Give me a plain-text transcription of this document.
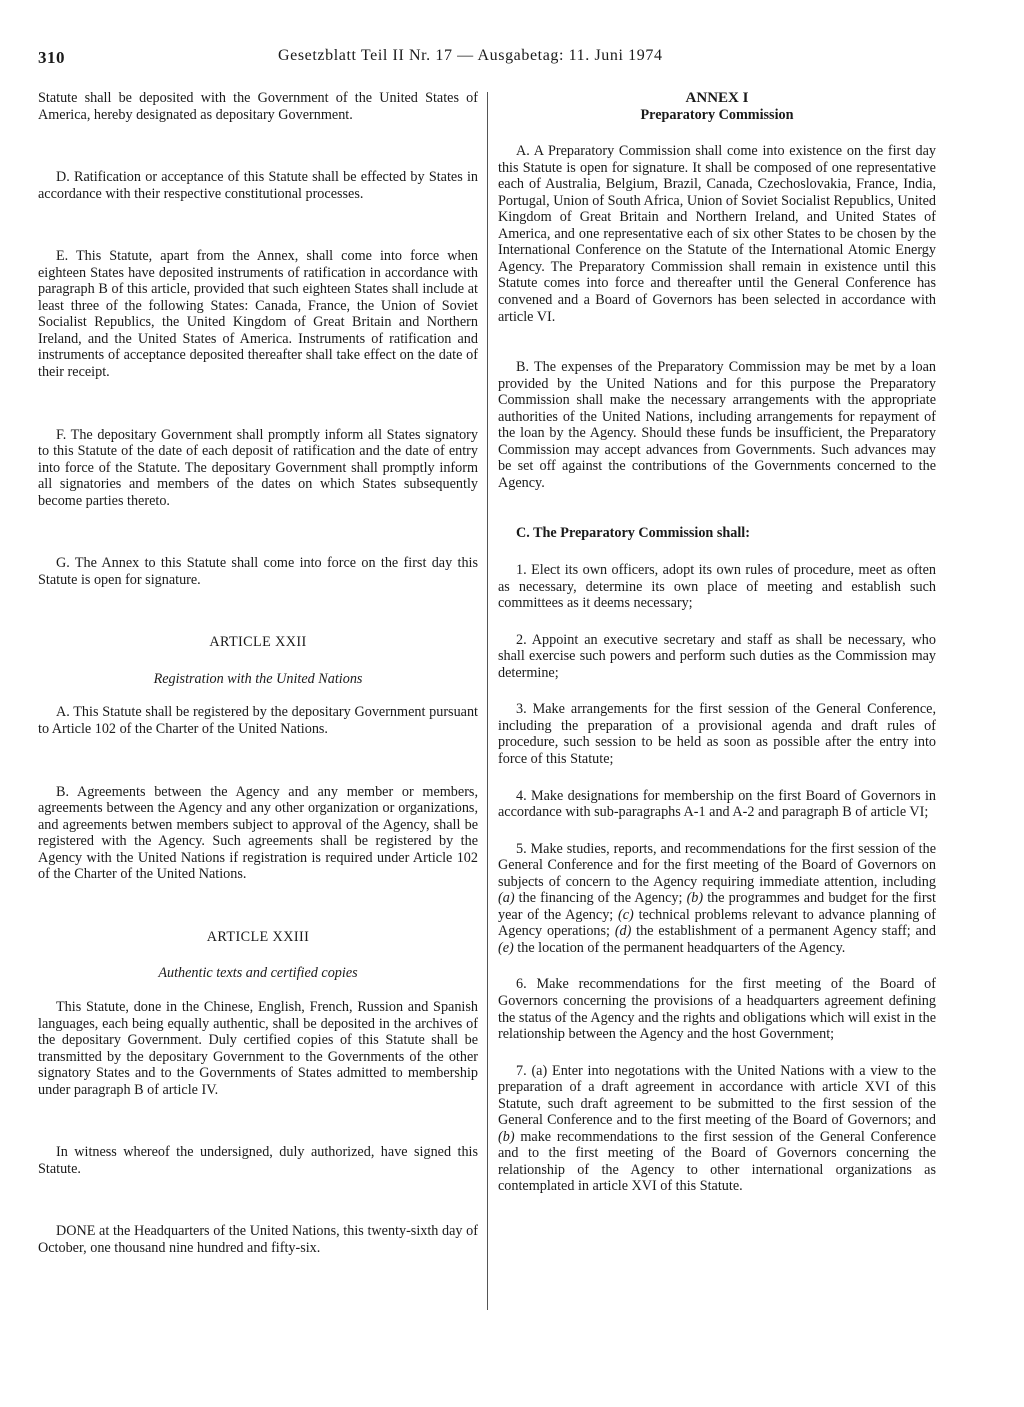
310	Gesetzblatt Teil II Nr. 17 — Ausgabetag: 11. Juni 1974

Statute shall be deposited with the Government of the United States of America, hereby designated as depositary Government.

D. Ratification or acceptance of this Statute shall be effected by States in accordance with their respective constitutional processes.

E. This Statute, apart from the Annex, shall come into force when eighteen States have deposited instruments of ratification in accordance with paragraph B of this article, provided that such eighteen States shall include at least three of the following States: Canada, France, the Union of Soviet Socialist Republics, the United Kingdom of Great Britain and Northern Ireland, and the United States of America. Instruments of ratification and instruments of acceptance deposited thereafter shall take effect on the date of their receipt.

F. The depositary Government shall promptly inform all States signatory to this Statute of the date of each deposit of ratification and the date of entry into force of the Statute. The depositary Government shall promptly inform all signatories and members of the dates on which States subsequently become parties thereto.

G. The Annex to this Statute shall come into force on the first day this Statute is open for signature.

ARTICLE XXII

Registration with the United Nations

A. This Statute shall be registered by the depositary Government pursuant to Article 102 of the Charter of the United Nations.

B. Agreements between the Agency and any member or members, agreements between the Agency and any other organization or organizations, and agreements betwen members subject to approval of the Agency, shall be registered with the Agency. Such agreements shall be registered by the Agency with the United Nations if registration is required under Article 102 of the Charter of the United Nations.

ARTICLE XXIII

Authentic texts and certified copies

This Statute, done in the Chinese, English, French, Russion and Spanish languages, each being equally authentic, shall be deposited in the archives of the depositary Government. Duly certified copies of this Statute shall be transmitted by the depositary Government to the Governments of the other signatory States and to the Governments of States admitted to membership under paragraph B of article IV.

In witness whereof the undersigned, duly authorized, have signed this Statute.

DONE at the Headquarters of the United Nations, this twenty-sixth day of October, one thousand nine hundred and fifty-six.

ANNEX I

Preparatory Commission

A. A Preparatory Commission shall come into existence on the first day this Statute is open for signature. It shall be composed of one representative each of Australia, Belgium, Brazil, Canada, Czechoslovakia, France, India, Portugal, Union of South Africa, Union of Soviet Socialist Republics, United Kingdom of Great Britain and Northern Ireland, and United States of America, and one representative each of six other States to be chosen by the International Conference on the Statute of the International Atomic Energy Agency. The Preparatory Commission shall remain in existence until this Statute comes into force and thereafter until the General Conference has convened and a Board of Governors has been selected in accordance with article VI.

B. The expenses of the Preparatory Commission may be met by a loan provided by the United Nations and for this purpose the Preparatory Commission shall make the necessary arrangements with the appropriate authorities of the United Nations, including arrangements for repayment of the loan by the Agency. Should these funds be insufficient, the Preparatory Commission may accept advances from Governments. Such advances may be set off against the contributions of the Governments concerned to the Agency.

C. The Preparatory Commission shall:

1. Elect its own officers, adopt its own rules of procedure, meet as often as necessary, determine its own place of meeting and establish such committees as it deems necessary;

2. Appoint an executive secretary and staff as shall be necessary, who shall exercise such powers and perform such duties as the Commission may determine;

3. Make arrangements for the first session of the General Conference, including the preparation of a provisional agenda and draft rules of procedure, such session to be held as soon as possible after the entry into force of this Statute;

4. Make designations for membership on the first Board of Governors in accordance with sub-paragraphs A-1 and A-2 and paragraph B of article VI;

5. Make studies, reports, and recommendations for the first session of the General Conference and for the first meeting of the Board of Governors on subjects of concern to the Agency requiring immediate attention, including (a) the financing of the Agency; (b) the programmes and budget for the first year of the Agency; (c) technical problems relevant to advance planning of Agency operations; (d) the establishment of a permanent Agency staff; and (e) the location of the permanent headquarters of the Agency.

6. Make recommendations for the first meeting of the Board of Governors concerning the provisions of a headquarters agreement defining the status of the Agency and the rights and obligations which will exist in the relationship between the Agency and the host Government;

7. (a) Enter into negotations with the United Nations with a view to the preparation of a draft agreement in accordance with article XVI of this Statute, such draft agreement to be submitted to the first session of the General Conference and to the first meeting of the Board of Governors; and (b) make recommendations to the first session of the General Conference and to the first meeting of the Board of Governors concerning the relationship of the Agency to other international organizations as contemplated in article XVI of this Statute.
